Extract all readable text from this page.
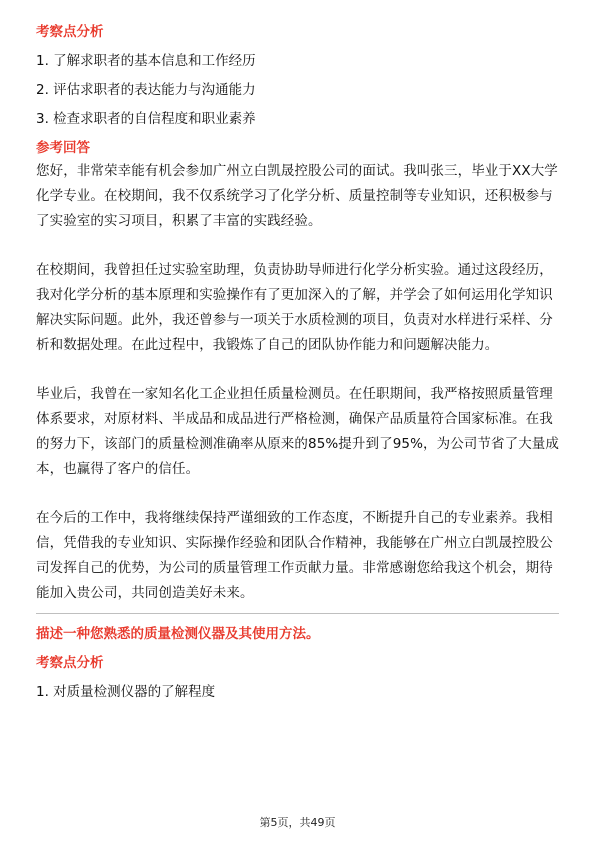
考察点分析
1. 了解求职者的基本信息和工作经历
2. 评估求职者的表达能力与沟通能力
3. 检查求职者的自信程度和职业素养
参考回答

您好，非常荣幸能有机会参加广州立白凯晟控股公司的面试。我叫张三，毕业于XX大学化学专业。在校期间，我不仅系统学习了化学分析、质量控制等专业知识，还积极参与了实验室的实习项目，积累了丰富的实践经验。

在校期间，我曾担任过实验室助理，负责协助导师进行化学分析实验。通过这段经历，我对化学分析的基本原理和实验操作有了更加深入的了解，并学会了如何运用化学知识解决实际问题。此外，我还曾参与一项关于水质检测的项目，负责对水样进行采样、分析和数据处理。在此过程中，我锻炼了自己的团队协作能力和问题解决能力。

毕业后，我曾在一家知名化工企业担任质量检测员。在任职期间，我严格按照质量管理体系要求，对原材料、半成品和成品进行严格检测，确保产品质量符合国家标准。在我的努力下，该部门的质量检测准确率从原来的85%提升到了95%，为公司节省了大量成本，也赢得了客户的信任。

在今后的工作中，我将继续保持严谨细致的工作态度，不断提升自己的专业素养。我相信，凭借我的专业知识、实际操作经验和团队合作精神，我能够在广州立白凯晟控股公司发挥自己的优势，为公司的质量管理工作贡献力量。非常感谢您给我这个机会，期待能加入贵公司，共同创造美好未来。

描述一种您熟悉的质量检测仪器及其使用方法。
考察点分析
1. 对质量检测仪器的了解程度
第5页，共49页
